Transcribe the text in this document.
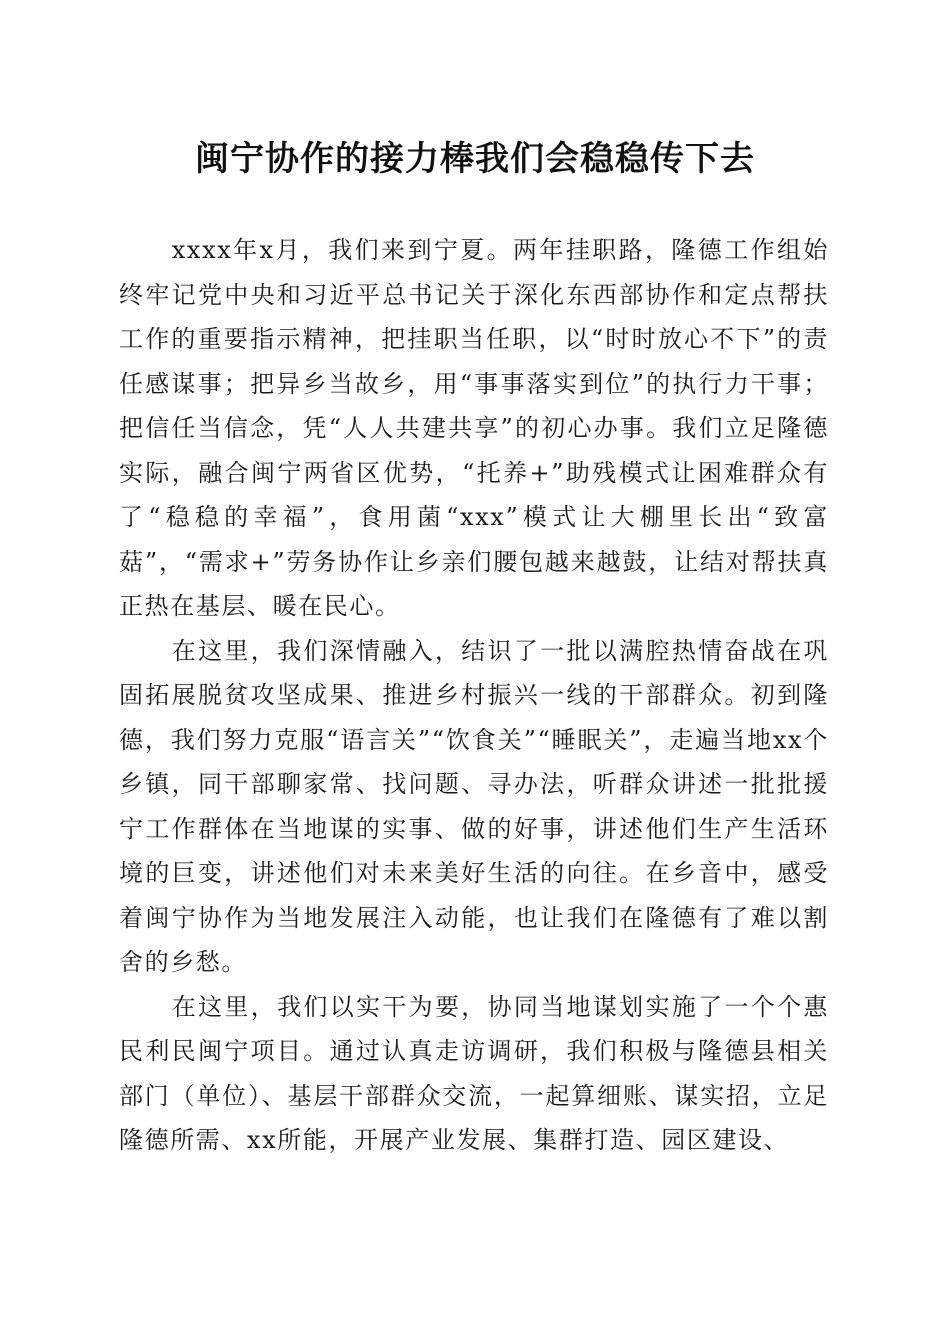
闽宁协作的接力棒我们会稳稳传下去

xxxx年x月，我们来到宁夏。两年挂职路，隆德工作组始终牢记党中央和习近平总书记关于深化东西部协作和定点帮扶工作的重要指示精神，把挂职当任职，以“时时放心不下”的责任感谋事；把异乡当故乡，用“事事落实到位”的执行力干事；把信任当信念，凭“人人共建共享”的初心办事。我们立足隆德实际，融合闽宁两省区优势，“托养+”助残模式让困难群众有了“稳稳的幸福”，食用菌“xxx”模式让大棚里长出“致富菇”，“需求+”劳务协作让乡亲们腰包越来越鼓，让结对帮扶真正热在基层、暖在民心。

在这里，我们深情融入，结识了一批以满腔热情奋战在巩固拓展脱贫攻坚成果、推进乡村振兴一线的干部群众。初到隆德，我们努力克服“语言关”“饮食关”“睡眠关”，走遍当地xx个乡镇，同干部聊家常、找问题、寻办法，听群众讲述一批批援宁工作群体在当地谋的实事、做的好事，讲述他们生产生活环境的巨变，讲述他们对未来美好生活的向往。在乡音中，感受着闽宁协作为当地发展注入动能，也让我们在隆德有了难以割舍的乡愁。

在这里，我们以实干为要，协同当地谋划实施了一个个惠民利民闽宁项目。通过认真走访调研，我们积极与隆德县相关部门（单位）、基层干部群众交流，一起算细账、谋实招，立足隆德所需、xx所能，开展产业发展、集群打造、园区建设、
